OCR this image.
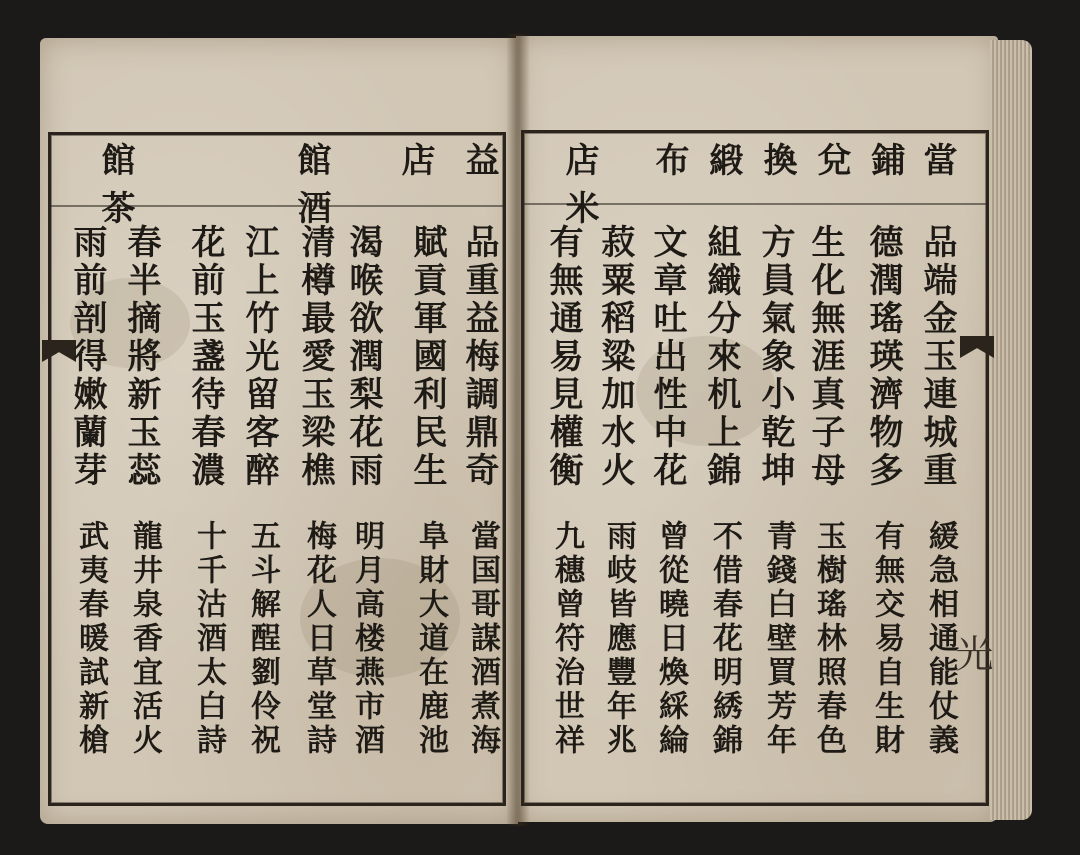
益
店
館酒
館茶
品重益梅調鼎奇
賦貢軍國利民生
渴喉欲潤梨花雨
清樽最愛玉梁樵
江上竹光留客醉
花前玉盞待春濃
春半摘將新玉蕊
雨前剖得嫩蘭芽
當国哥謀酒煮海
阜財大道在鹿池
明月高楼燕市酒
梅花人日草堂詩
五斗解酲劉伶祝
十千沽酒太白詩
龍井泉香宜活火
武夷春暖試新槍
當
鋪
兌
換
緞
布
店米
品端金玉連城重
德潤瑤瑛濟物多
生化無涯真子母
方員氣象小乾坤
組織分來机上錦
文章吐出性中花
菽粟稻粱加水火
有無通易見權衡
緩急相通能仗義
有無交易自生財
玉樹瑤林照春色
青錢白壁買芳年
不借春花明綉錦
曾從曉日煥綵綸
雨岐皆應豐年兆
九穗曾符治世祥	光
